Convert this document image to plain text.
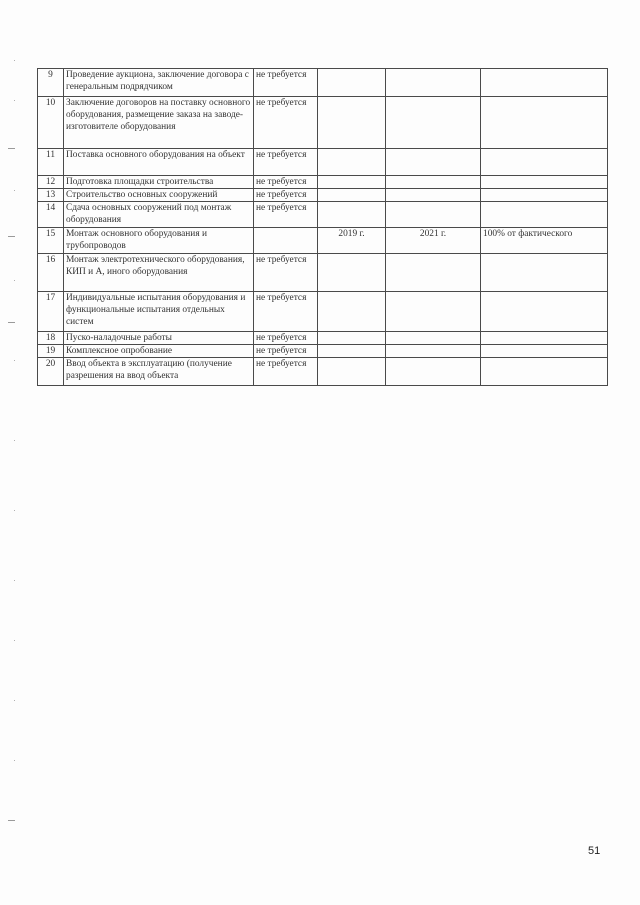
9	Проведение аукциона, заключение договора с генеральным подрядчиком	не требуется			
10	Заключение договоров на поставку основного оборудования, размещение заказа на заводе-изготовителе оборудования	не требуется			
11	Поставка основного оборудования на объект	не требуется			
12	Подготовка площадки строительства	не требуется			
13	Строительство основных сооружений	не требуется			
14	Сдача основных сооружений под монтаж оборудования	не требуется			
15	Монтаж основного оборудования и трубопроводов		2019 г.	2021 г.	100% от фактического
16	Монтаж электротехнического оборудования, КИП и А, иного оборудования	не требуется			
17	Индивидуальные испытания оборудования и функциональные испытания отдельных систем	не требуется			
18	Пуско-наладочные работы	не требуется			
19	Комплексное опробование	не требуется			
20	Ввод объекта в эксплуатацию (получение разрешения на ввод объекта	не требуется			
51
